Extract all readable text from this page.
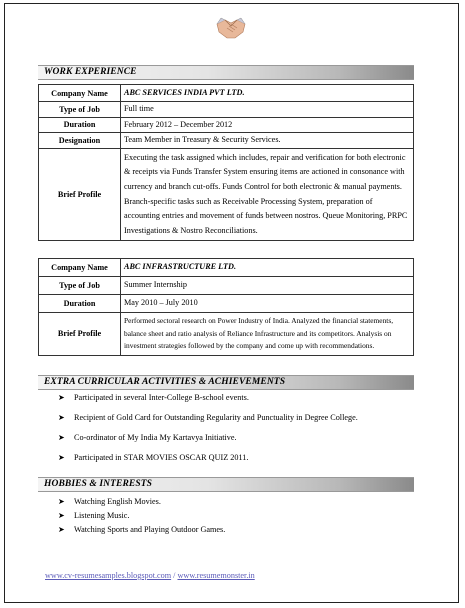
WORK EXPERIENCE
Company Name	ABC SERVICES INDIA PVT LTD.
Type of Job	Full time
Duration	February 2012 – December 2012
Designation	Team Member in Treasury & Security Services.
Brief Profile	Executing the task assigned which includes, repair and verification for both electronic & receipts via Funds Transfer System ensuring items are actioned in consonance with currency and branch cut-offs. Funds Control for both electronic & manual payments. Branch-specific tasks such as Receivable Processing System, preparation of accounting entries and movement of funds between nostros. Queue Monitoring, PRPC Investigations & Nostro Reconciliations.
Company Name	ABC INFRASTRUCTURE LTD.
Type of Job	Summer Internship
Duration	May 2010 – July 2010
Brief Profile	Performed sectoral research on Power Industry of India. Analyzed the financial statements, balance sheet and ratio analysis of Reliance Infrastructure and its competitors. Analysis on investment strategies followed by the company and come up with recommendations.
EXTRA CURRICULAR ACTIVITIES & ACHIEVEMENTS
➤ Participated in several Inter-College B-school events.
➤ Recipient of Gold Card for Outstanding Regularity and Punctuality in Degree College.
➤ Co-ordinator of My India My Kartavya Initiative.
➤ Participated in STAR MOVIES OSCAR QUIZ 2011.
HOBBIES & INTERESTS
➤ Watching English Movies.
➤ Listening Music.
➤ Watching Sports and Playing Outdoor Games.
www.cv-resumesamples.blogspot.com / www.resumemonster.in
